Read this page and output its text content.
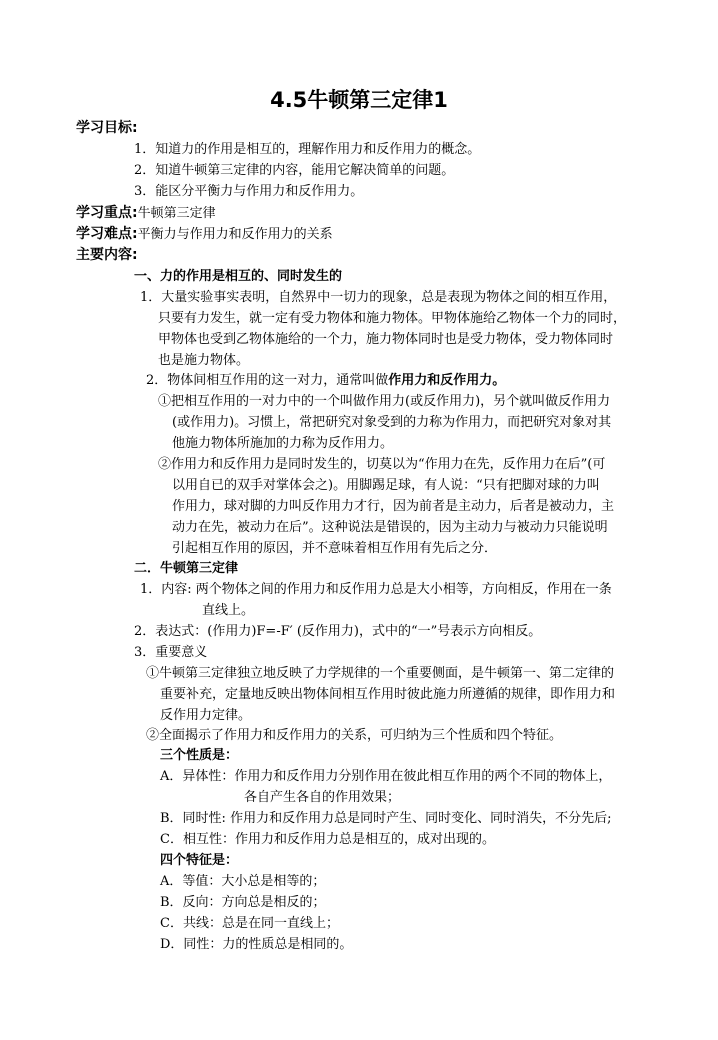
4.5牛顿第三定律1
学习目标:
1．知道力的作用是相互的，理解作用力和反作用力的概念。
2．知道牛顿第三定律的内容，能用它解决简单的问题。
3．能区分平衡力与作用力和反作用力。
学习重点:牛顿第三定律
学习难点:平衡力与作用力和反作用力的关系
主要内容:
一、力的作用是相互的、同时发生的
1．大量实验事实表明，自然界中一切力的现象，总是表现为物体之间的相互作用，
只要有力发生，就一定有受力物体和施力物体。甲物体施给乙物体一个力的同时，
甲物体也受到乙物体施给的一个力，施力物体同时也是受力物体，受力物体同时
也是施力物体。
2．物体间相互作用的这一对力，通常叫做作用力和反作用力。
①把相互作用的一对力中的一个叫做作用力(或反作用力)，另个就叫做反作用力
(或作用力)。习惯上，常把研究对象受到的力称为作用力，而把研究对象对其
他施力物体所施加的力称为反作用力。
②作用力和反作用力是同时发生的，切莫以为“作用力在先，反作用力在后”(可
以用自已的双手对掌体会之)。用脚踢足球，有人说：“只有把脚对球的力叫
作用力，球对脚的力叫反作用力才行，因为前者是主动力，后者是被动力，主
动力在先，被动力在后”。这种说法是错误的，因为主动力与被动力只能说明
引起相互作用的原因，并不意味着相互作用有先后之分．
二．牛顿第三定律
1．内容: 两个物体之间的作用力和反作用力总是大小相等，方向相反，作用在一条
直线上。
2．表达式：(作用力)F=-F′ (反作用力)，式中的“一”号表示方向相反。
3．重要意义
①牛顿第三定律独立地反映了力学规律的一个重要侧面，是牛顿第一、第二定律的
重要补充，定量地反映出物体间相互作用时彼此施力所遵循的规律，即作用力和
反作用力定律。
②全面揭示了作用力和反作用力的关系，可归纳为三个性质和四个特征。
三个性质是：
A．异体性：作用力和反作用力分别作用在彼此相互作用的两个不同的物体上，
各自产生各自的作用效果；
B．同时性: 作用力和反作用力总是同时产生、同时变化、同时消失，不分先后;
C．相互性：作用力和反作用力总是相互的，成对出现的。
四个特征是：
A．等值：大小总是相等的；
B．反向：方向总是相反的；
C．共线：总是在同一直线上；
D．同性：力的性质总是相同的。
